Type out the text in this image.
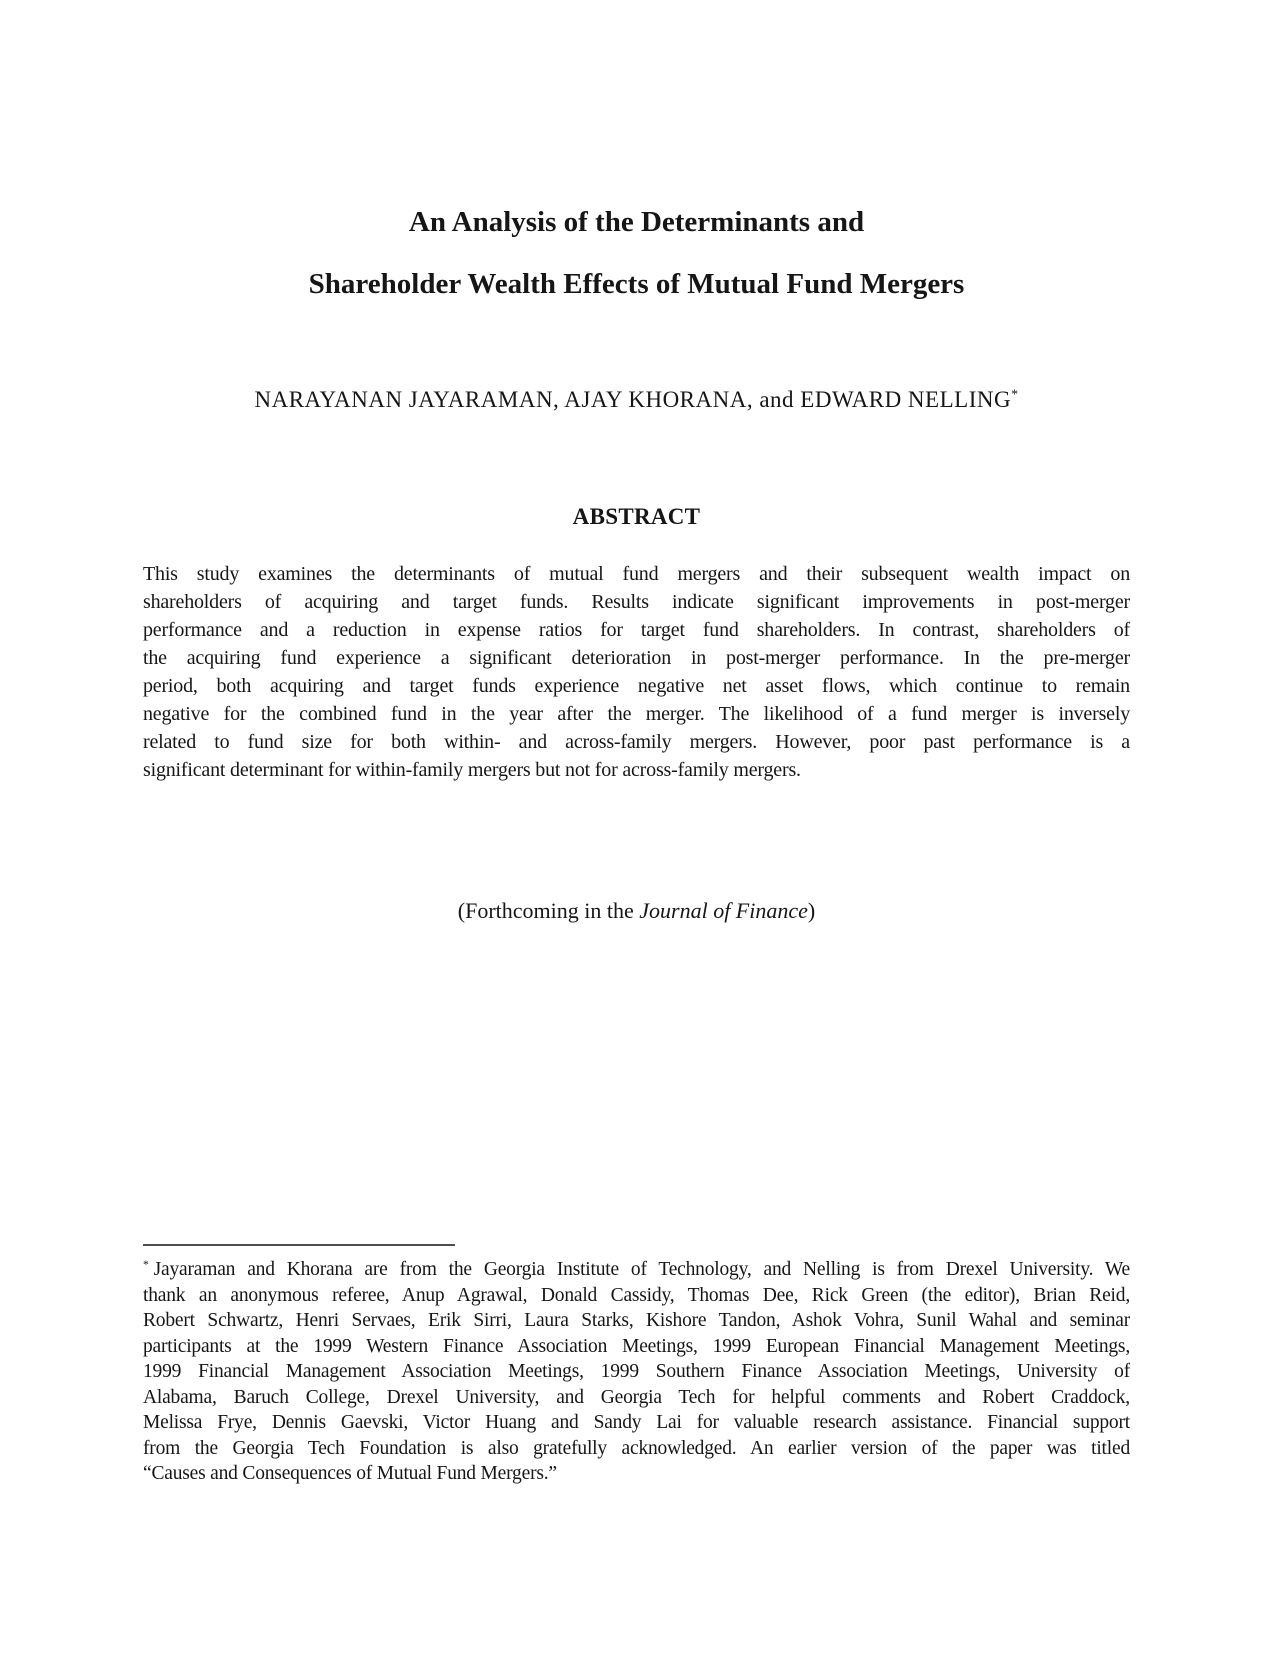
An Analysis of the Determinants and
Shareholder Wealth Effects of Mutual Fund Mergers
NARAYANAN JAYARAMAN, AJAY KHORANA, and EDWARD NELLING*
ABSTRACT
This study examines the determinants of mutual fund mergers and their subsequent wealth impact on
shareholders of acquiring and target funds. Results indicate significant improvements in post-merger
performance and a reduction in expense ratios for target fund shareholders. In contrast, shareholders of
the acquiring fund experience a significant deterioration in post-merger performance. In the pre-merger
period, both acquiring and target funds experience negative net asset flows, which continue to remain
negative for the combined fund in the year after the merger. The likelihood of a fund merger is inversely
related to fund size for both within- and across-family mergers. However, poor past performance is a
significant determinant for within-family mergers but not for across-family mergers.
(Forthcoming in the Journal of Finance)
* Jayaraman and Khorana are from the Georgia Institute of Technology, and Nelling is from Drexel University. We
thank an anonymous referee, Anup Agrawal, Donald Cassidy, Thomas Dee, Rick Green (the editor), Brian Reid,
Robert Schwartz, Henri Servaes, Erik Sirri, Laura Starks, Kishore Tandon, Ashok Vohra, Sunil Wahal and seminar
participants at the 1999 Western Finance Association Meetings, 1999 European Financial Management Meetings,
1999 Financial Management Association Meetings, 1999 Southern Finance Association Meetings, University of
Alabama, Baruch College, Drexel University, and Georgia Tech for helpful comments and Robert Craddock,
Melissa Frye, Dennis Gaevski, Victor Huang and Sandy Lai for valuable research assistance. Financial support
from the Georgia Tech Foundation is also gratefully acknowledged. An earlier version of the paper was titled
“Causes and Consequences of Mutual Fund Mergers.”
